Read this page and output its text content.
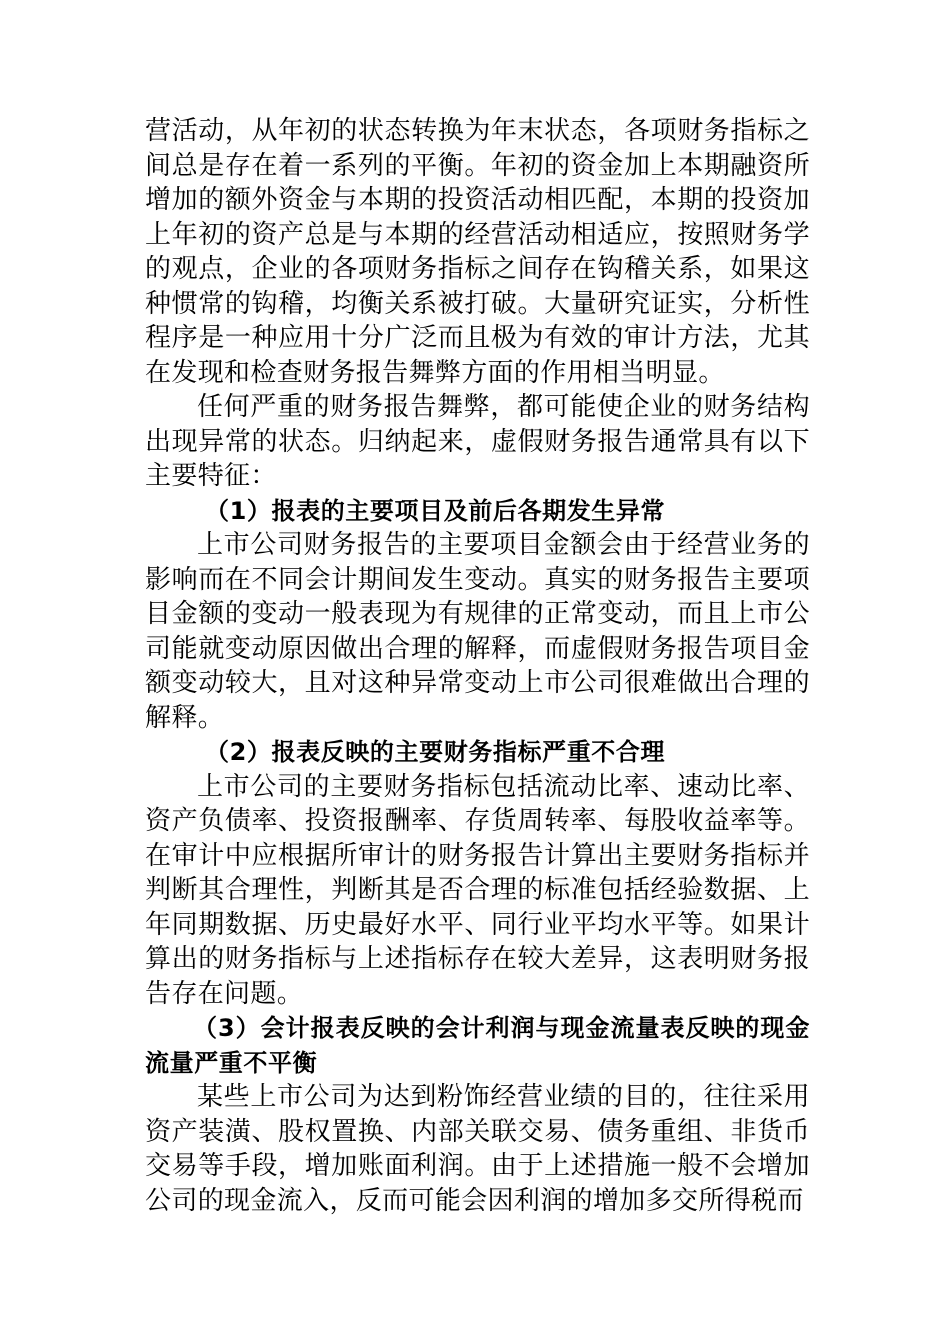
营活动，从年初的状态转换为年末状态，各项财务指标之间总是存在着一系列的平衡。年初的资金加上本期融资所增加的额外资金与本期的投资活动相匹配，本期的投资加上年初的资产总是与本期的经营活动相适应，按照财务学的观点，企业的各项财务指标之间存在钩稽关系，如果这种惯常的钩稽，均衡关系被打破。大量研究证实，分析性程序是一种应用十分广泛而且极为有效的审计方法，尤其在发现和检查财务报告舞弊方面的作用相当明显。

任何严重的财务报告舞弊，都可能使企业的财务结构出现异常的状态。归纳起来，虚假财务报告通常具有以下主要特征：

（1）报表的主要项目及前后各期发生异常

上市公司财务报告的主要项目金额会由于经营业务的影响而在不同会计期间发生变动。真实的财务报告主要项目金额的变动一般表现为有规律的正常变动，而且上市公司能就变动原因做出合理的解释，而虚假财务报告项目金额变动较大，且对这种异常变动上市公司很难做出合理的解释。

（2）报表反映的主要财务指标严重不合理

上市公司的主要财务指标包括流动比率、速动比率、资产负债率、投资报酬率、存货周转率、每股收益率等。在审计中应根据所审计的财务报告计算出主要财务指标并判断其合理性，判断其是否合理的标准包括经验数据、上年同期数据、历史最好水平、同行业平均水平等。如果计算出的财务指标与上述指标存在较大差异，这表明财务报告存在问题。

（3）会计报表反映的会计利润与现金流量表反映的现金流量严重不平衡

某些上市公司为达到粉饰经营业绩的目的，往往采用资产装潢、股权置换、内部关联交易、债务重组、非货币交易等手段，增加账面利润。由于上述措施一般不会增加公司的现金流入，反而可能会因利润的增加多交所得税而
